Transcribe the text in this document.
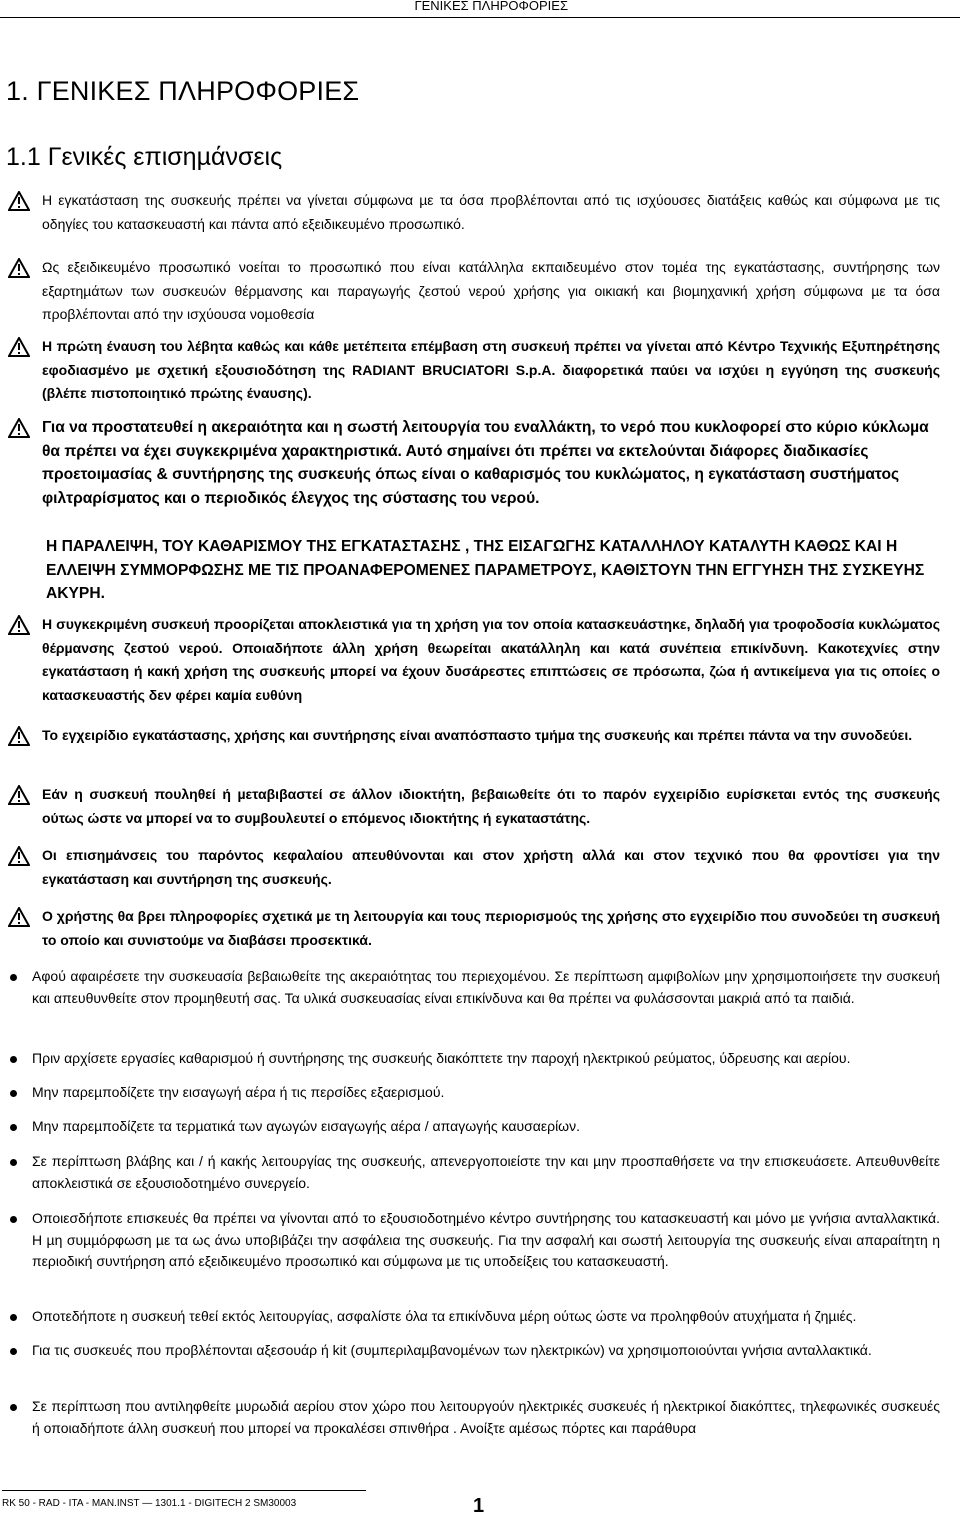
ΓΕΝΙΚΕΣ ΠΛΗΡΟΦΟΡΙΕΣ
1. ΓΕΝΙΚΕΣ ΠΛΗΡΟΦΟΡΙΕΣ
1.1 Γενικές επισηµάνσεις
Η εγκατάσταση της συσκευής πρέπει να γίνεται σύµφωνα µε τα όσα προβλέπονται από τις ισχύουσες διατάξεις καθώς και σύµφωνα µε τις οδηγίες του κατασκευαστή και πάντα από εξειδικευµένο προσωπικό.
Ως εξειδικευµένο προσωπικό νοείται το προσωπικό που είναι κατάλληλα εκπαιδευµένο στον τοµέα της εγκατάστασης, συντήρησης των εξαρτηµάτων των συσκευών θέρµανσης και παραγωγής ζεστού νερού χρήσης για οικιακή και βιοµηχανική χρήση σύµφωνα µε τα όσα προβλέπονται από την ισχύουσα νοµοθεσία
Η πρώτη έναυση του λέβητα καθώς και κάθε µετέπειτα επέµβαση στη συσκευή πρέπει να γίνεται από Κέντρο Τεχνικής Εξυπηρέτησης εφοδιασµένο µε σχετική εξουσιοδότηση της RADIANT BRUCIATORI S.p.A. διαφορετικά παύει να ισχύει η εγγύηση της συσκευής (βλέπε πιστοποιητικό πρώτης έναυσης).
Για να προστατευθεί η ακεραιότητα και η σωστή λειτουργία του εναλλάκτη, το νερό που κυκλοφορεί στο κύριο κύκλωµα θα πρέπει να έχει συγκεκριµένα χαρακτηριστικά. Αυτό σηµαίνει ότι πρέπει να εκτελούνται διάφορες διαδικασίες προετοιµασίας & συντήρησης της συσκευής όπως είναι ο καθαρισµός του κυκλώµατος, η εγκατάσταση συστήµατος φιλτραρίσµατος και ο περιοδικός έλεγχος της σύστασης του νερού.
Η ΠΑΡΑΛΕΙΨΗ, ΤΟΥ ΚΑΘΑΡΙΣΜΟΥ ΤΗΣ ΕΓΚΑΤΑΣΤΑΣΗΣ , ΤΗΣ ΕΙΣΑΓΩΓΗΣ ΚΑΤΑΛΛΗΛΟΥ ΚΑΤΑΛΥΤΗ ΚΑΘΩΣ ΚΑΙ Η ΕΛΛΕΙΨΗ ΣΥΜΜΟΡΦΩΣΗΣ ΜΕ ΤΙΣ ΠΡΟΑΝΑΦΕΡΟΜΕΝΕΣ ΠΑΡΑΜΕΤΡΟΥΣ, ΚΑΘΙΣΤΟΥΝ ΤΗΝ ΕΓΓΥΗΣΗ ΤΗΣ ΣΥΣΚΕΥΗΣ ΑΚΥΡΗ.
Η συγκεκριµένη συσκευή προορίζεται αποκλειστικά για τη χρήση για τον οποία κατασκευάστηκε, δηλαδή για τροφοδοσία κυκλώµατος θέρµανσης ζεστού νερού. Οποιαδήποτε άλλη χρήση θεωρείται ακατάλληλη και κατά συνέπεια επικίνδυνη. Κακοτεχνίες στην εγκατάσταση ή κακή χρήση της συσκευής µπορεί να έχουν δυσάρεστες επιπτώσεις σε πρόσωπα, ζώα ή αντικείµενα για τις οποίες ο κατασκευαστής δεν φέρει καµία ευθύνη
Το εγχειρίδιο εγκατάστασης, χρήσης και συντήρησης είναι αναπόσπαστο τµήµα της συσκευής και πρέπει πάντα να την συνοδεύει.
Εάν η συσκευή πουληθεί ή µεταβιβαστεί σε άλλον ιδιοκτήτη, βεβαιωθείτε ότι το παρόν εγχειρίδιο ευρίσκεται εντός της συσκευής ούτως ώστε να µπορεί να το συµβουλευτεί ο επόµενος ιδιοκτήτης ή εγκαταστάτης.
Οι επισηµάνσεις του παρόντος κεφαλαίου απευθύνονται και στον χρήστη αλλά και στον τεχνικό που θα φροντίσει για την εγκατάσταση και συντήρηση της συσκευής.
Ο χρήστης θα βρει πληροφορίες σχετικά µε τη λειτουργία και τους περιορισµούς της χρήσης στο εγχειρίδιο που συνοδεύει τη συσκευή το οποίο και συνιστούµε να διαβάσει προσεκτικά.
Αφού αφαιρέσετε την συσκευασία βεβαιωθείτε της ακεραιότητας του περιεχοµένου. Σε περίπτωση αµφιβολίων µην χρησιµοποιήσετε την συσκευή και απευθυνθείτε στον προµηθευτή σας. Τα υλικά συσκευασίας είναι επικίνδυνα και θα πρέπει να φυλάσσονται µακριά από τα παιδιά.
Πριν αρχίσετε εργασίες καθαρισµού ή συντήρησης της συσκευής διακόπτετε την παροχή ηλεκτρικού ρεύµατος, ύδρευσης και αερίου.
Μην παρεµποδίζετε την εισαγωγή αέρα ή τις περσίδες εξαερισµού.
Μην παρεµποδίζετε τα τερµατικά των αγωγών εισαγωγής αέρα / απαγωγής καυσαερίων.
Σε περίπτωση βλάβης και / ή κακής λειτουργίας της συσκευής, απενεργοποιείστε την και µην προσπαθήσετε να την επισκευάσετε. Απευθυνθείτε αποκλειστικά σε εξουσιοδοτηµένο συνεργείο.
Οποιεσδήποτε επισκευές θα πρέπει να γίνονται από το εξουσιοδοτηµένο κέντρο συντήρησης του κατασκευαστή και µόνο µε γνήσια ανταλλακτικά. Η µη συµµόρφωση µε τα ως άνω υποβιβάζει την ασφάλεια της συσκευής. Για την ασφαλή και σωστή λειτουργία της συσκευής είναι απαραίτητη η περιοδική συντήρηση από εξειδικευµένο προσωπικό και σύµφωνα µε τις υποδείξεις του κατασκευαστή.
Οποτεδήποτε η συσκευή τεθεί εκτός λειτουργίας, ασφαλίστε όλα τα επικίνδυνα µέρη ούτως ώστε να προληφθούν ατυχήµατα ή ζηµιές.
Για τις συσκευές που προβλέπονται αξεσουάρ ή kit (συµπεριλαµβανοµένων των ηλεκτρικών) να χρησιµοποιούνται γνήσια ανταλλακτικά.
Σε περίπτωση που αντιληφθείτε µυρωδιά αερίου στον χώρο που λειτουργούν ηλεκτρικές συσκευές ή ηλεκτρικοί διακόπτες, τηλεφωνικές συσκευές ή οποιαδήποτε άλλη συσκευή που µπορεί να προκαλέσει σπινθήρα . Ανοίξτε αµέσως πόρτες και παράθυρα
RK 50 - RAD - ITA - MAN.INST — 1301.1 - DIGITECH 2 SM30003	1
